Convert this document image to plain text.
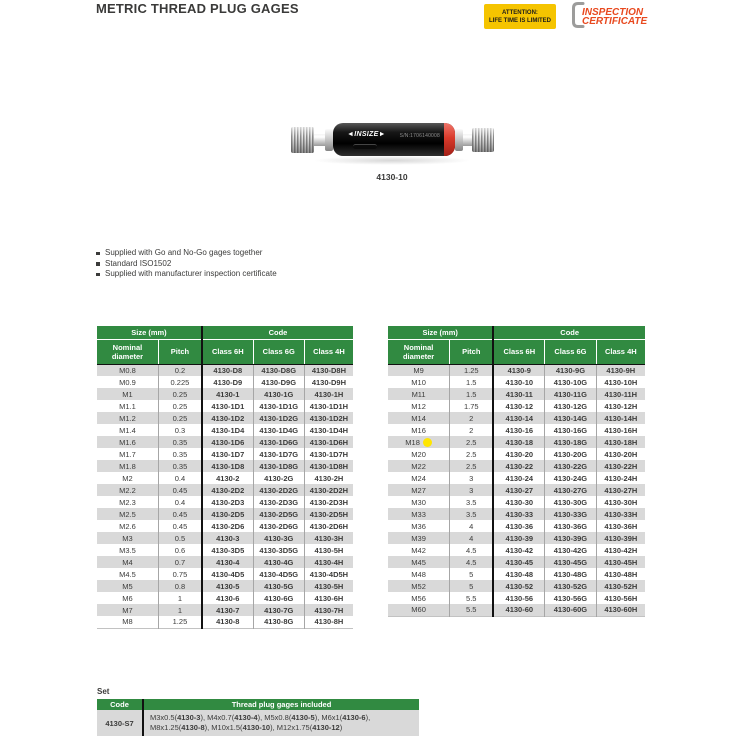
METRIC THREAD PLUG GAGES	ATTENTION:
LIFE TIME IS LIMITED
INSPECTION
CERTIFICATE
◄INSIZE►	S/N:1706140008
4130-10
Supplied with Go and No-Go gages together
Standard ISO1502
Supplied with manufacturer inspection certificate
Size (mm)		Code		
Nominal diameter	Pitch	Class 6H	Class 6G	Class 4H
M0.8	0.2	4130-D8	4130-D8G	4130-D8H
M0.9	0.225	4130-D9	4130-D9G	4130-D9H
M1	0.25	4130-1	4130-1G	4130-1H
M1.1	0.25	4130-1D1	4130-1D1G	4130-1D1H
M1.2	0.25	4130-1D2	4130-1D2G	4130-1D2H
M1.4	0.3	4130-1D4	4130-1D4G	4130-1D4H
M1.6	0.35	4130-1D6	4130-1D6G	4130-1D6H
M1.7	0.35	4130-1D7	4130-1D7G	4130-1D7H
M1.8	0.35	4130-1D8	4130-1D8G	4130-1D8H
M2	0.4	4130-2	4130-2G	4130-2H
M2.2	0.45	4130-2D2	4130-2D2G	4130-2D2H
M2.3	0.4	4130-2D3	4130-2D3G	4130-2D3H
M2.5	0.45	4130-2D5	4130-2D5G	4130-2D5H
M2.6	0.45	4130-2D6	4130-2D6G	4130-2D6H
M3	0.5	4130-3	4130-3G	4130-3H
M3.5	0.6	4130-3D5	4130-3D5G	4130-5H
M4	0.7	4130-4	4130-4G	4130-4H
M4.5	0.75	4130-4D5	4130-4D5G	4130-4D5H
M5	0.8	4130-5	4130-5G	4130-5H
M6	1	4130-6	4130-6G	4130-6H
M7	1	4130-7	4130-7G	4130-7H
M8	1.25	4130-8	4130-8G	4130-8H
Size (mm)		Code		
Nominal diameter	Pitch	Class 6H	Class 6G	Class 4H
M9	1.25	4130-9	4130-9G	4130-9H
M10	1.5	4130-10	4130-10G	4130-10H
M11	1.5	4130-11	4130-11G	4130-11H
M12	1.75	4130-12	4130-12G	4130-12H
M14	2	4130-14	4130-14G	4130-14H
M16	2	4130-16	4130-16G	4130-16H
M18	2.5	4130-18	4130-18G	4130-18H
M20	2.5	4130-20	4130-20G	4130-20H
M22	2.5	4130-22	4130-22G	4130-22H
M24	3	4130-24	4130-24G	4130-24H
M27	3	4130-27	4130-27G	4130-27H
M30	3.5	4130-30	4130-30G	4130-30H
M33	3.5	4130-33	4130-33G	4130-33H
M36	4	4130-36	4130-36G	4130-36H
M39	4	4130-39	4130-39G	4130-39H
M42	4.5	4130-42	4130-42G	4130-42H
M45	4.5	4130-45	4130-45G	4130-45H
M48	5	4130-48	4130-48G	4130-48H
M52	5	4130-52	4130-52G	4130-52H
M56	5.5	4130-56	4130-56G	4130-56H
M60	5.5	4130-60	4130-60G	4130-60H
Set
Code	Thread plug gages included
4130-S7	M3x0.5(4130-3), M4x0.7(4130-4), M5x0.8(4130-5), M6x1(4130-6), M8x1.25(4130-8), M10x1.5(4130-10), M12x1.75(4130-12)
